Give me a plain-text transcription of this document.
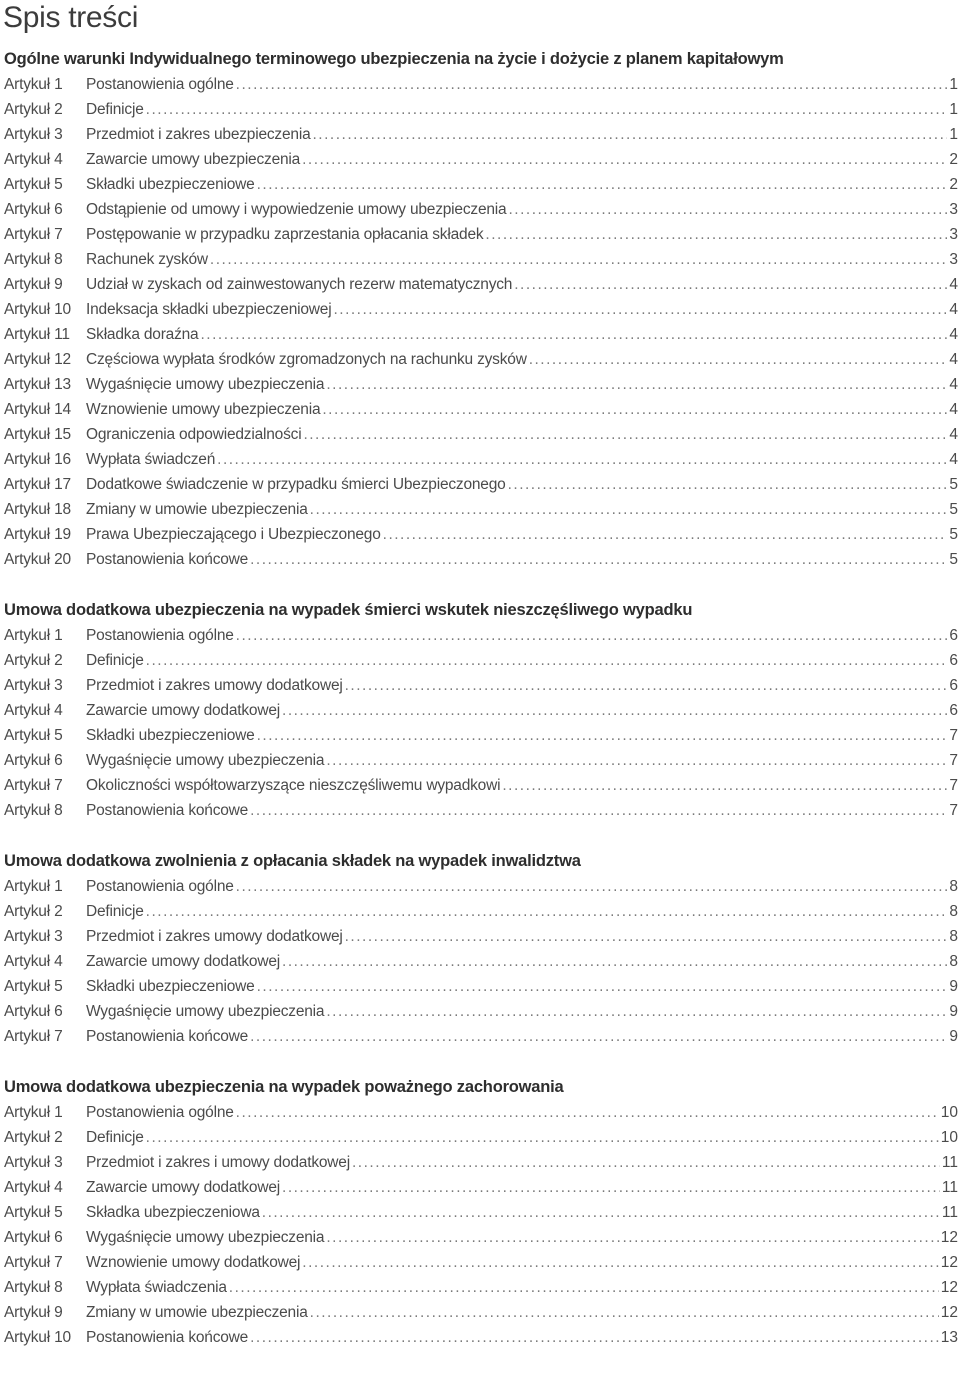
Spis treści
Ogólne warunki Indywidualnego terminowego ubezpieczenia na życie i dożycie z planem kapitałowym
Artykuł 1	Postanowienia ogólne .....	1
Artykuł 2	Definicje .....	1
Artykuł 3	Przedmiot i zakres ubezpieczenia .....	1
Artykuł 4	Zawarcie umowy ubezpieczenia .....	2
Artykuł 5	Składki ubezpieczeniowe .....	2
Artykuł 6	Odstąpienie od umowy i wypowiedzenie umowy ubezpieczenia .....	3
Artykuł 7	Postępowanie w przypadku zaprzestania opłacania składek .....	3
Artykuł 8	Rachunek zysków .....	3
Artykuł 9	Udział w zyskach od zainwestowanych rezerw matematycznych .....	4
Artykuł 10 Indeksacja składki ubezpieczeniowej .....	4
Artykuł 11	Składka doraźna .....	4
Artykuł 12 Częściowa wypłata środków zgromadzonych na rachunku zysków .....	4
Artykuł 13 Wygaśnięcie umowy ubezpieczenia .....	4
Artykuł 14 Wznowienie umowy ubezpieczenia .....	4
Artykuł 15 Ograniczenia odpowiedzialności .....	4
Artykuł 16 Wypłata świadczeń .....	4
Artykuł 17 Dodatkowe świadczenie w przypadku śmierci Ubezpieczonego .....	5
Artykuł 18 Zmiany w umowie ubezpieczenia .....	5
Artykuł 19 Prawa Ubezpieczającego i Ubezpieczonego .....	5
Artykuł 20 Postanowienia końcowe .....	5
Umowa dodatkowa ubezpieczenia na wypadek śmierci wskutek nieszczęśliwego wypadku
Artykuł 1	Postanowienia ogólne .....	6
Artykuł 2	Definicje .....	6
Artykuł 3	Przedmiot i zakres umowy dodatkowej .....	6
Artykuł 4	Zawarcie umowy dodatkowej .....	6
Artykuł 5	Składki ubezpieczeniowe .....	7
Artykuł 6	Wygaśnięcie umowy ubezpieczenia .....	7
Artykuł 7	Okoliczności współtowarzyszące nieszczęśliwemu wypadkowi .....	7
Artykuł 8	Postanowienia końcowe .....	7
Umowa dodatkowa zwolnienia z opłacania składek na wypadek inwalidztwa
Artykuł 1	Postanowienia ogólne .....	8
Artykuł 2	Definicje .....	8
Artykuł 3	Przedmiot i zakres umowy dodatkowej .....	8
Artykuł 4	Zawarcie umowy dodatkowej .....	8
Artykuł 5	Składki ubezpieczeniowe .....	9
Artykuł 6	Wygaśnięcie umowy ubezpieczenia .....	9
Artykuł 7	Postanowienia końcowe .....	9
Umowa dodatkowa ubezpieczenia na wypadek poważnego zachorowania
Artykuł 1	Postanowienia ogólne .....	10
Artykuł 2	Definicje .....	10
Artykuł 3	Przedmiot i zakres i umowy dodatkowej .....	11
Artykuł 4	Zawarcie umowy dodatkowej .....	11
Artykuł 5	Składka ubezpieczeniowa .....	11
Artykuł 6	Wygaśnięcie umowy ubezpieczenia .....	12
Artykuł 7	Wznowienie umowy dodatkowej .....	12
Artykuł 8	Wypłata świadczenia .....	12
Artykuł 9	Zmiany w umowie ubezpieczenia .....	12
Artykuł 10 Postanowienia końcowe .....	13
